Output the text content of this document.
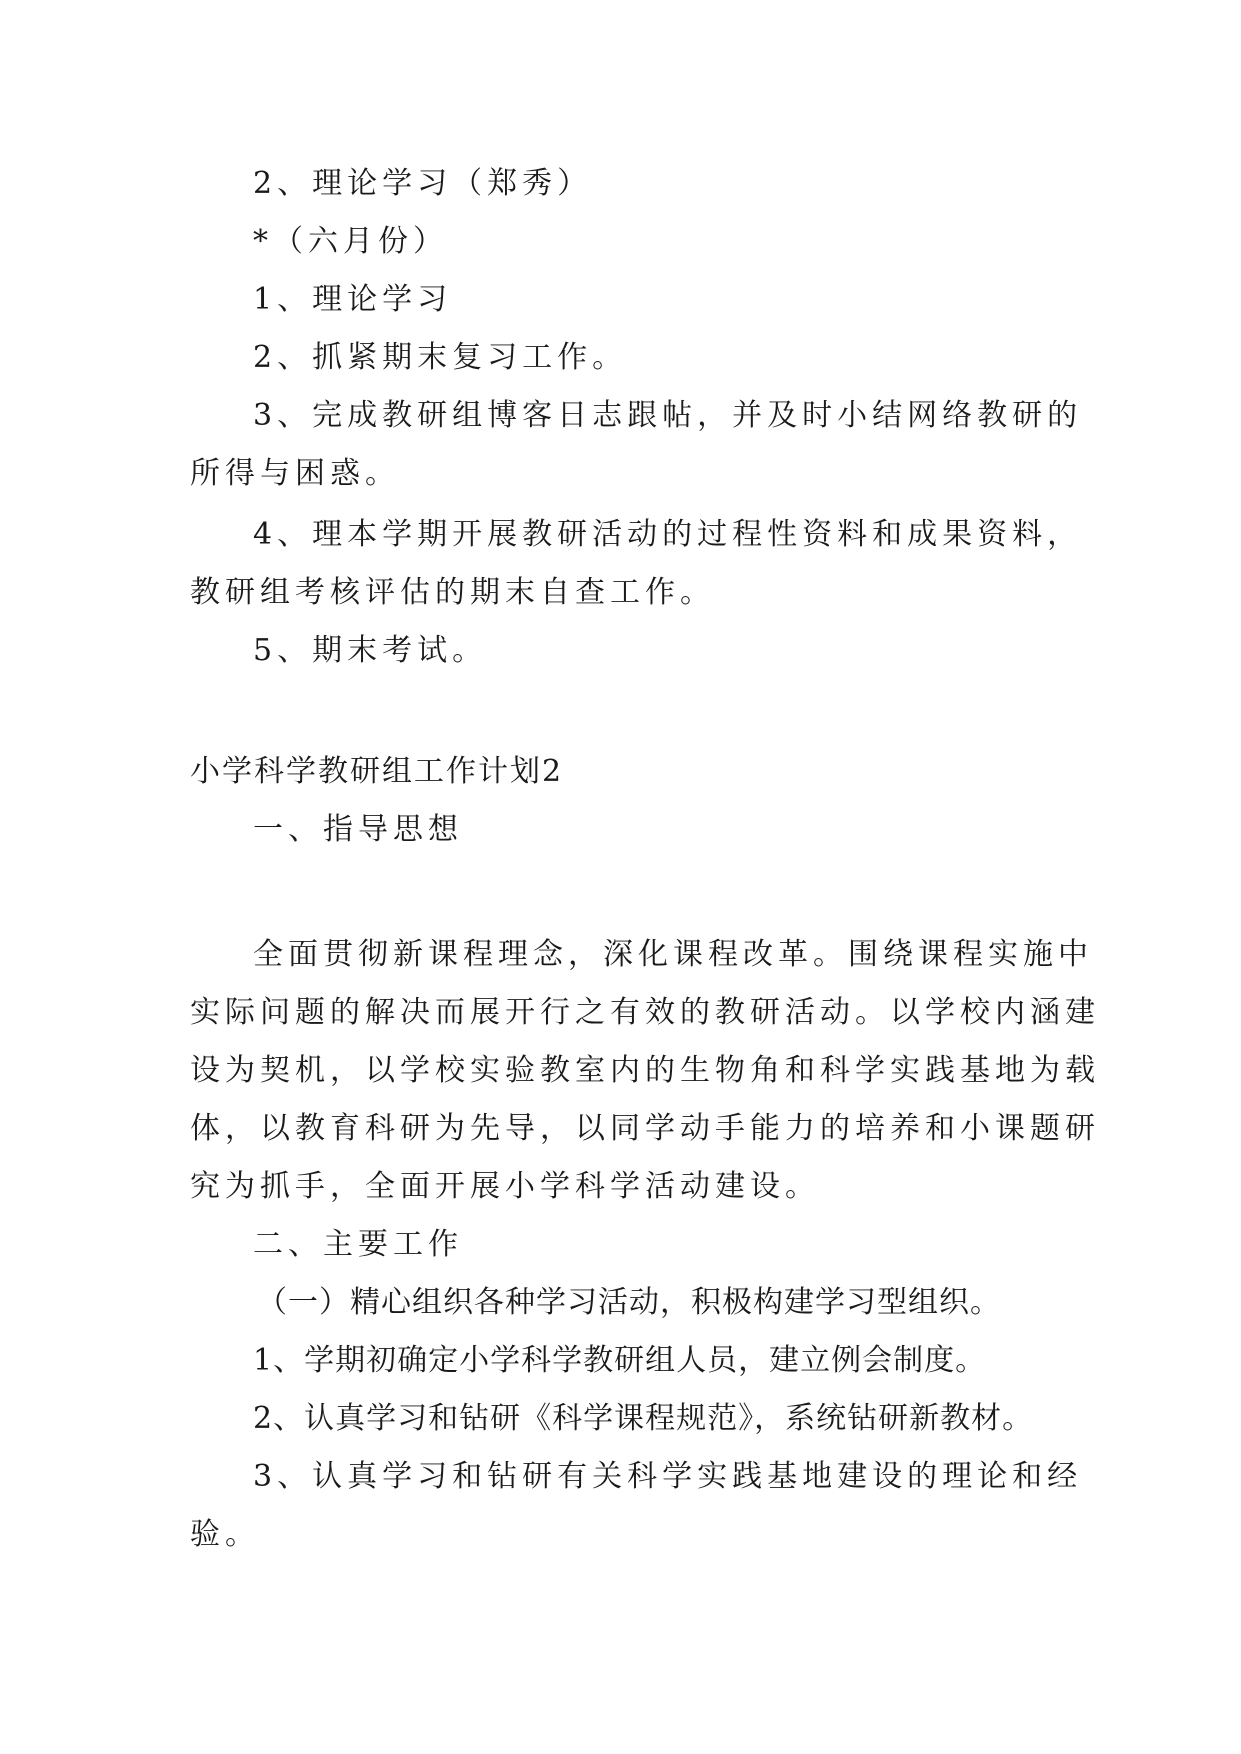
2、理论学习（郑秀）
*（六月份）
1、理论学习
2、抓紧期末复习工作。
3、完成教研组博客日志跟帖，并及时小结网络教研的
所得与困惑。
4、理本学期开展教研活动的过程性资料和成果资料，
教研组考核评估的期末自查工作。
5、期末考试。
小学科学教研组工作计划2
一、指导思想
全面贯彻新课程理念，深化课程改革。围绕课程实施中
实际问题的解决而展开行之有效的教研活动。以学校内涵建
设为契机，以学校实验教室内的生物角和科学实践基地为载
体，以教育科研为先导，以同学动手能力的培养和小课题研
究为抓手，全面开展小学科学活动建设。
二、主要工作
（一）精心组织各种学习活动，积极构建学习型组织。
1、学期初确定小学科学教研组人员，建立例会制度。
2、认真学习和钻研《科学课程规范》，系统钻研新教材。
3、认真学习和钻研有关科学实践基地建设的理论和经
验。
